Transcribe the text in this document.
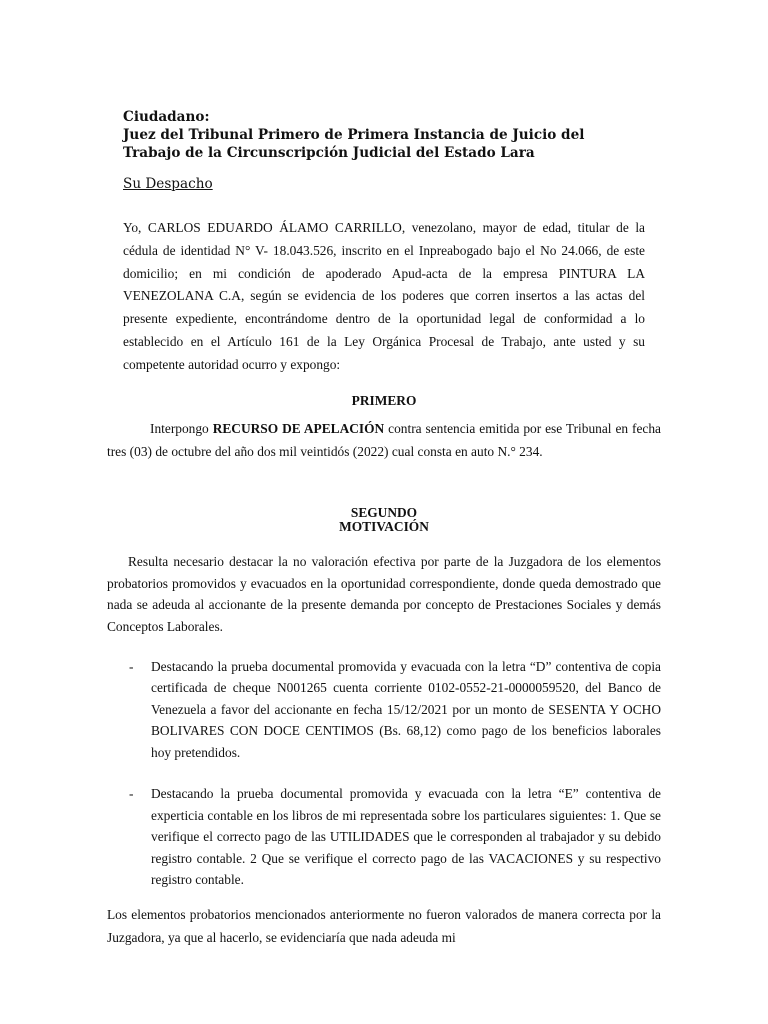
Ciudadano:
Juez del Tribunal Primero de Primera Instancia de Juicio del
Trabajo de la Circunscripción Judicial del Estado Lara
Su Despacho

Yo, CARLOS EDUARDO ÁLAMO CARRILLO, venezolano, mayor de edad, titular de la cédula de identidad N° V- 18.043.526, inscrito en el Inpreabogado bajo el No 24.066, de este domicilio; en mi condición de apoderado Apud-acta de la empresa PINTURA LA VENEZOLANA C.A, según se evidencia de los poderes que corren insertos a las actas del presente expediente, encontrándome dentro de la oportunidad legal de conformidad a lo establecido en el Artículo 161 de la Ley Orgánica Procesal de Trabajo, ante usted y su competente autoridad ocurro y expongo:

PRIMERO

Interpongo RECURSO DE APELACIÓN contra sentencia emitida por ese Tribunal en fecha tres (03) de octubre del año dos mil veintidós (2022) cual consta en auto N.° 234.

SEGUNDO
MOTIVACIÓN

Resulta necesario destacar la no valoración efectiva por parte de la Juzgadora de los elementos probatorios promovidos y evacuados en la oportunidad correspondiente, donde queda demostrado que nada se adeuda al accionante de la presente demanda por concepto de Prestaciones Sociales y demás Conceptos Laborales.

- Destacando la prueba documental promovida y evacuada con la letra “D” contentiva de copia certificada de cheque N001265 cuenta corriente 0102-0552-21-0000059520, del Banco de Venezuela a favor del accionante en fecha 15/12/2021 por un monto de SESENTA Y OCHO BOLIVARES CON DOCE CENTIMOS (Bs. 68,12) como pago de los beneficios laborales hoy pretendidos.
- Destacando la prueba documental promovida y evacuada con la letra “E” contentiva de experticia contable en los libros de mi representada sobre los particulares siguientes: 1. Que se verifique el correcto pago de las UTILIDADES que le corresponden al trabajador y su debido registro contable. 2 Que se verifique el correcto pago de las VACACIONES y su respectivo registro contable.

Los elementos probatorios mencionados anteriormente no fueron valorados de manera correcta por la Juzgadora, ya que al hacerlo, se evidenciaría que nada adeuda mi
